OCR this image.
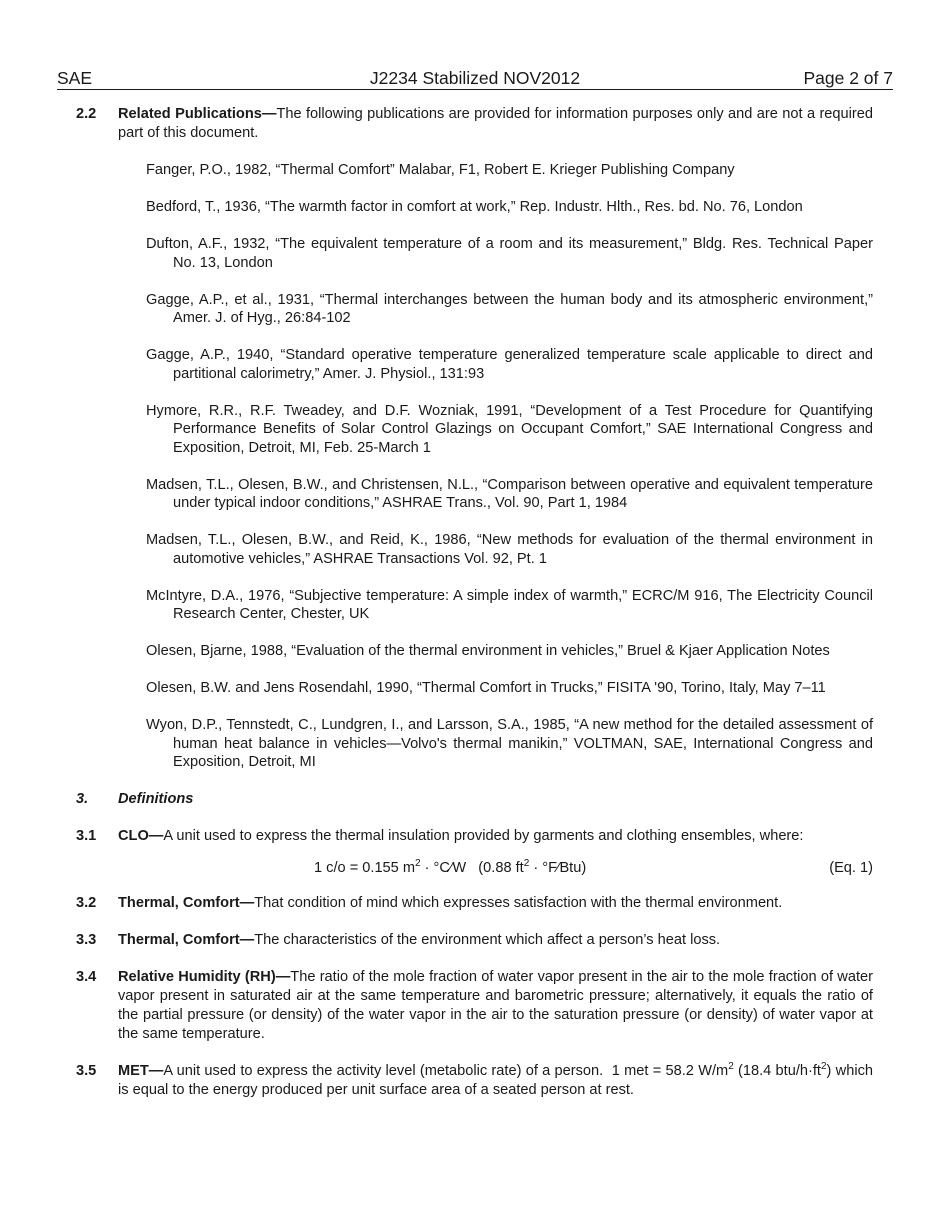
SAE	J2234 Stabilized NOV2012	Page 2 of 7
2.2 Related Publications—The following publications are provided for information purposes only and are not a required part of this document.
Fanger, P.O., 1982, “Thermal Comfort” Malabar, F1, Robert E. Krieger Publishing Company
Bedford, T., 1936, “The warmth factor in comfort at work,” Rep. Industr. Hlth., Res. bd. No. 76, London
Dufton, A.F., 1932, “The equivalent temperature of a room and its measurement,” Bldg. Res. Technical Paper No. 13, London
Gagge, A.P., et al., 1931, “Thermal interchanges between the human body and its atmospheric environment,” Amer. J. of Hyg., 26:84-102
Gagge, A.P., 1940, “Standard operative temperature generalized temperature scale applicable to direct and partitional calorimetry,” Amer. J. Physiol., 131:93
Hymore, R.R., R.F. Tweadey, and D.F. Wozniak, 1991, “Development of a Test Procedure for Quantifying Performance Benefits of Solar Control Glazings on Occupant Comfort,” SAE International Congress and Exposition, Detroit, MI, Feb. 25-March 1
Madsen, T.L., Olesen, B.W., and Christensen, N.L., “Comparison between operative and equivalent temperature under typical indoor conditions,” ASHRAE Trans., Vol. 90, Part 1, 1984
Madsen, T.L., Olesen, B.W., and Reid, K., 1986, “New methods for evaluation of the thermal environment in automotive vehicles,” ASHRAE Transactions Vol. 92, Pt. 1
McIntyre, D.A., 1976, “Subjective temperature: A simple index of warmth,” ECRC/M 916, The Electricity Council Research Center, Chester, UK
Olesen, Bjarne, 1988, “Evaluation of the thermal environment in vehicles,” Bruel & Kjaer Application Notes
Olesen, B.W. and Jens Rosendahl, 1990, “Thermal Comfort in Trucks,” FISITA '90, Torino, Italy, May 7–11
Wyon, D.P., Tennstedt, C., Lundgren, I., and Larsson, S.A., 1985, “A new method for the detailed assessment of human heat balance in vehicles—Volvo's thermal manikin,” VOLTMAN, SAE, International Congress and Exposition, Detroit, MI
3. Definitions
3.1 CLO—A unit used to express the thermal insulation provided by garments and clothing ensembles, where:
1 c/o = 0.155 $m^2$ · °C∕W   (0.88 $ft^2$ · °F∕Btu)	(Eq. 1)
3.2 Thermal, Comfort—That condition of mind which expresses satisfaction with the thermal environment.
3.3 Thermal, Comfort—The characteristics of the environment which affect a person’s heat loss.
3.4 Relative Humidity (RH)—The ratio of the mole fraction of water vapor present in the air to the mole fraction of water vapor present in saturated air at the same temperature and barometric pressure; alternatively, it equals the ratio of the partial pressure (or density) of the water vapor in the air to the saturation pressure (or density) of water vapor at the same temperature.
3.5 MET—A unit used to express the activity level (metabolic rate) of a person.  1 met = 58.2 $W/m^2$ (18.4 btu/$h\cdot ft^2$) which is equal to the energy produced per unit surface area of a seated person at rest.
